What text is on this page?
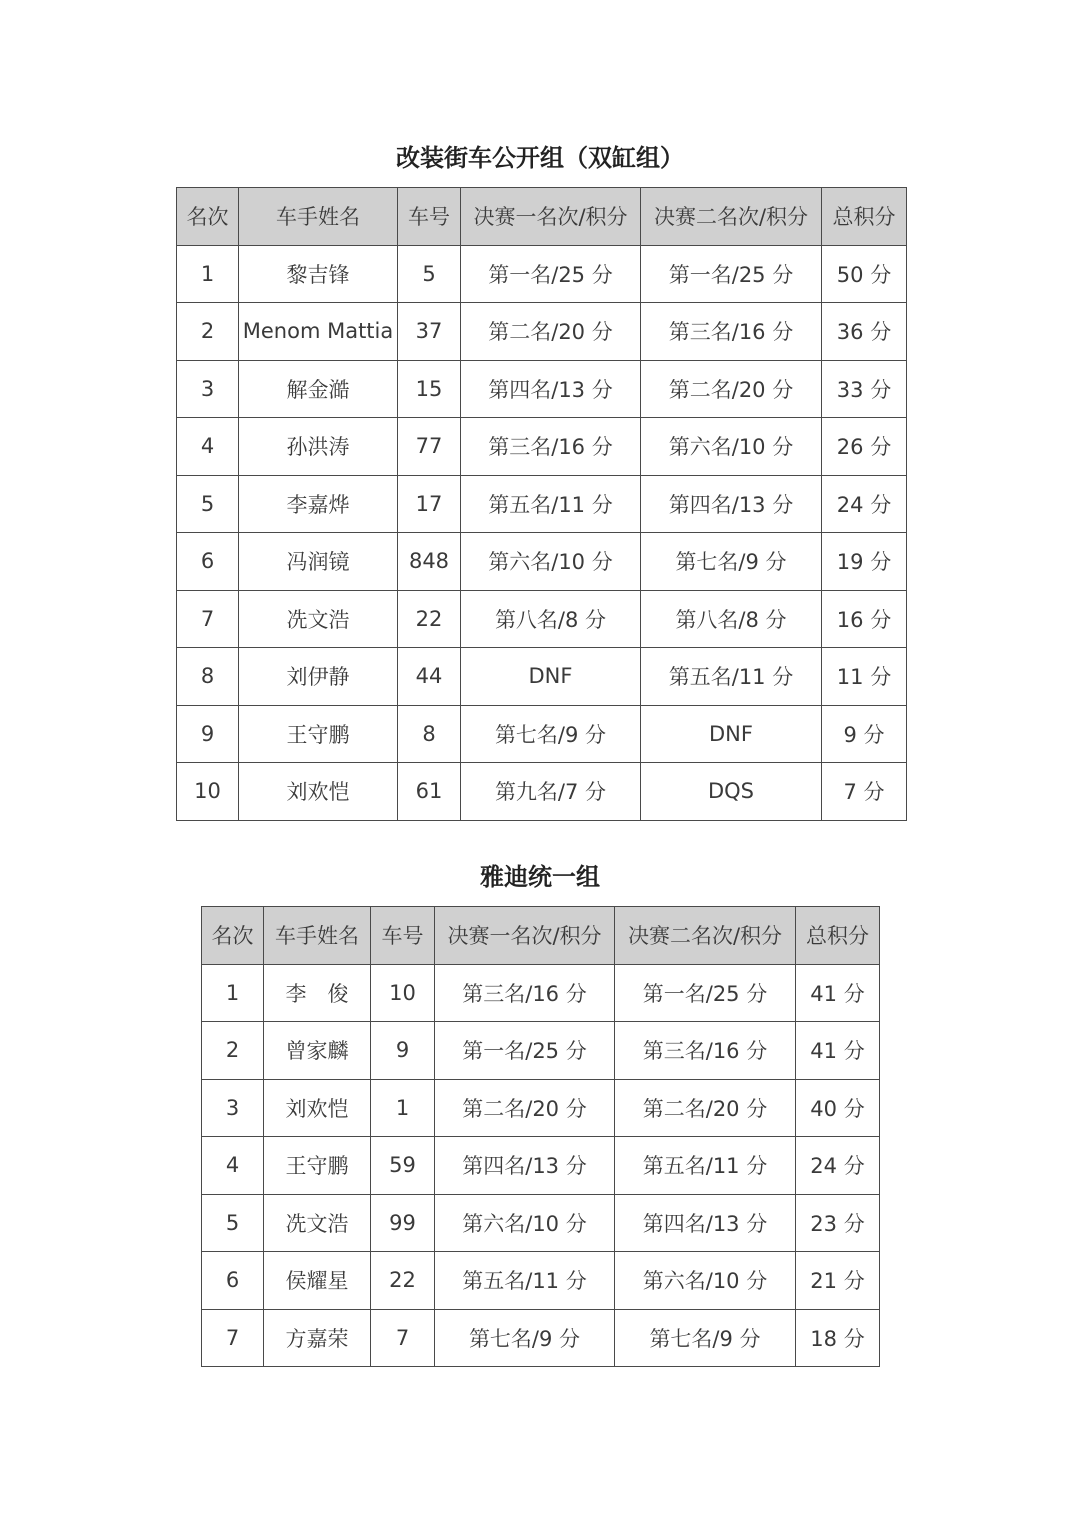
改装街车公开组（双缸组）
名次	车手姓名	车号	决赛一名次/积分	决赛二名次/积分	总积分
1	黎吉锋	5	第一名/25 分	第一名/25 分	50 分
2	Menom Mattia	37	第二名/20 分	第三名/16 分	36 分
3	解金澔	15	第四名/13 分	第二名/20 分	33 分
4	孙洪涛	77	第三名/16 分	第六名/10 分	26 分
5	李嘉烨	17	第五名/11 分	第四名/13 分	24 分
6	冯润镜	848	第六名/10 分	第七名/9 分	19 分
7	冼文浩	22	第八名/8 分	第八名/8 分	16 分
8	刘伊静	44	DNF	第五名/11 分	11 分
9	王守鹏	8	第七名/9 分	DNF	9 分
10	刘欢恺	61	第九名/7 分	DQS	7 分
雅迪统一组
名次	车手姓名	车号	决赛一名次/积分	决赛二名次/积分	总积分
1	李　俊	10	第三名/16 分	第一名/25 分	41 分
2	曾家麟	9	第一名/25 分	第三名/16 分	41 分
3	刘欢恺	1	第二名/20 分	第二名/20 分	40 分
4	王守鹏	59	第四名/13 分	第五名/11 分	24 分
5	冼文浩	99	第六名/10 分	第四名/13 分	23 分
6	侯耀星	22	第五名/11 分	第六名/10 分	21 分
7	方嘉荣	7	第七名/9 分	第七名/9 分	18 分
